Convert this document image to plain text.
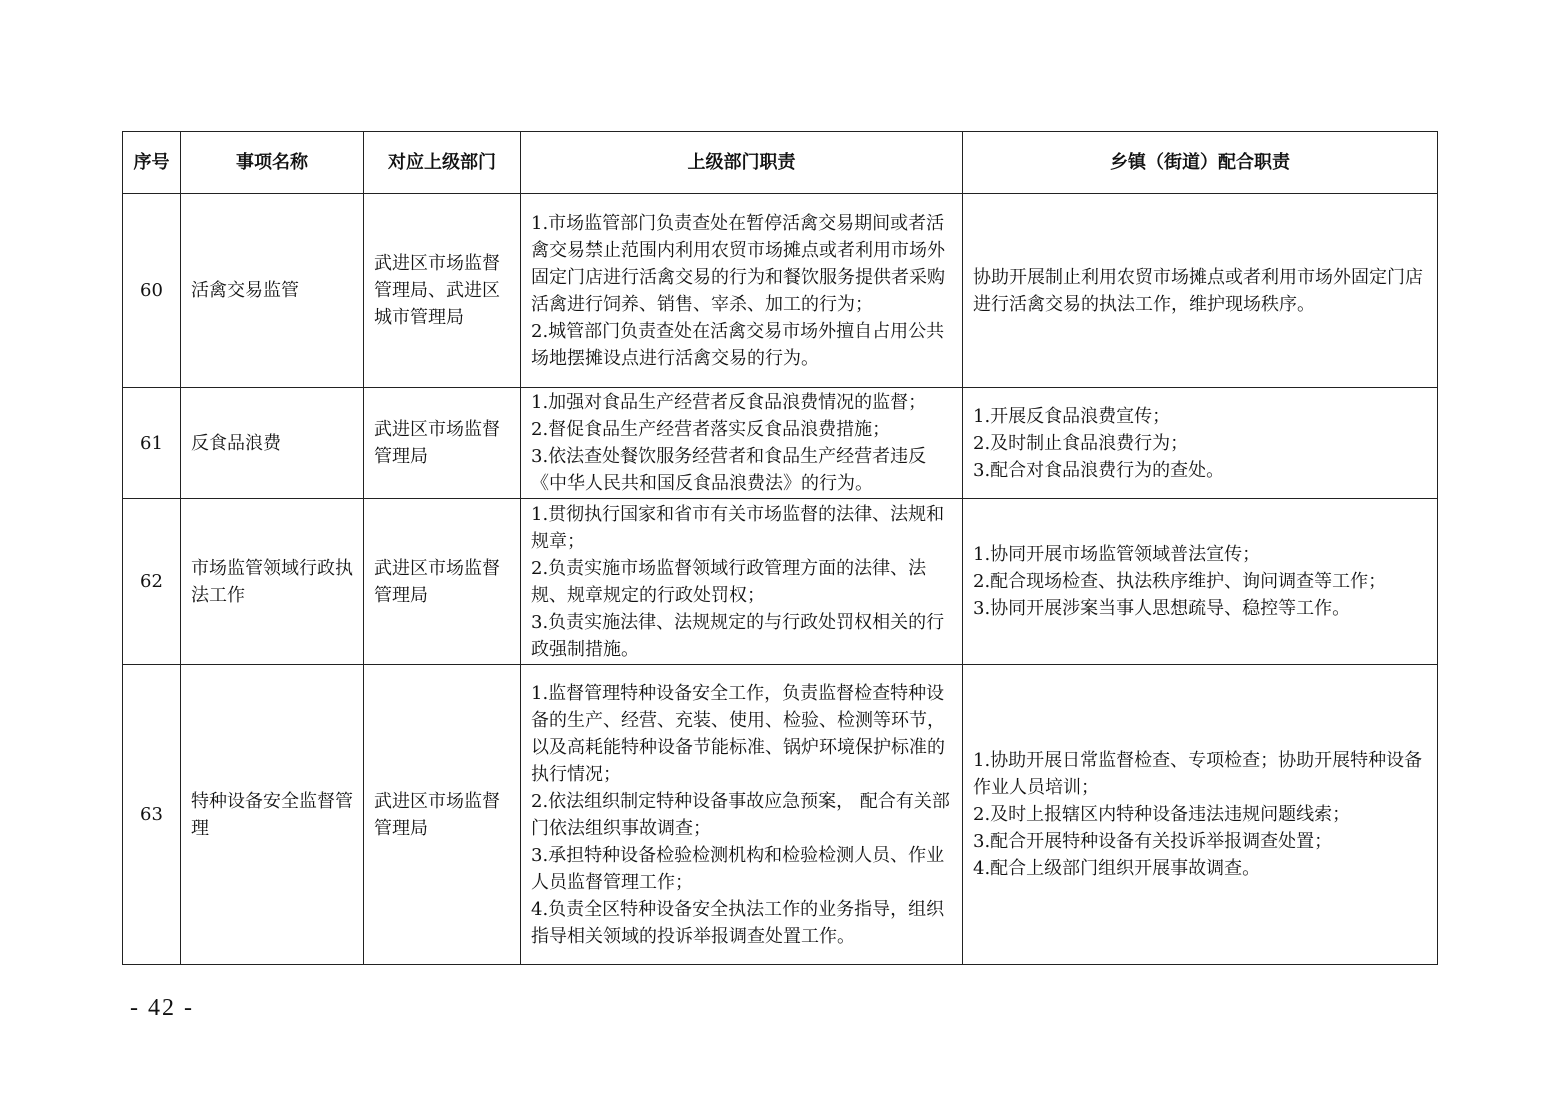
序号	事项名称	对应上级部门	上级部门职责	乡镇（街道）配合职责
60	活禽交易监管	武进区市场监督管理局、武进区城市管理局	1.市场监管部门负责查处在暂停活禽交易期间或者活禽交易禁止范围内利用农贸市场摊点或者利用市场外固定门店进行活禽交易的行为和餐饮服务提供者采购活禽进行饲养、销售、宰杀、加工的行为；
2.城管部门负责查处在活禽交易市场外擅自占用公共场地摆摊设点进行活禽交易的行为。	协助开展制止利用农贸市场摊点或者利用市场外固定门店进行活禽交易的执法工作，维护现场秩序。

61	反食品浪费	武进区市场监督管理局	1.加强对食品生产经营者反食品浪费情况的监督；
2.督促食品生产经营者落实反食品浪费措施；
3.依法查处餐饮服务经营者和食品生产经营者违反《中华人民共和国反食品浪费法》的行为。	1.开展反食品浪费宣传；
2.及时制止食品浪费行为；
3.配合对食品浪费行为的查处。

62	市场监管领域行政执法工作	武进区市场监督管理局	1.贯彻执行国家和省市有关市场监督的法律、法规和规章；
2.负责实施市场监督领域行政管理方面的法律、法规、规章规定的行政处罚权；
3.负责实施法律、法规规定的与行政处罚权相关的行政强制措施。	1.协同开展市场监管领域普法宣传；
2.配合现场检查、执法秩序维护、询问调查等工作；
3.协同开展涉案当事人思想疏导、稳控等工作。

63	特种设备安全监督管理	武进区市场监督管理局	1.监督管理特种设备安全工作，负责监督检查特种设备的生产、经营、充装、使用、检验、检测等环节，以及高耗能特种设备节能标准、锅炉环境保护标准的执行情况；
2.依法组织制定特种设备事故应急预案， 配合有关部门依法组织事故调查；
3.承担特种设备检验检测机构和检验检测人员、作业人员监督管理工作；
4.负责全区特种设备安全执法工作的业务指导，组织指导相关领域的投诉举报调查处置工作。	1.协助开展日常监督检查、专项检查；协助开展特种设备作业人员培训；
2.及时上报辖区内特种设备违法违规问题线索；
3.配合开展特种设备有关投诉举报调查处置；
4.配合上级部门组织开展事故调查。
- 42 -
